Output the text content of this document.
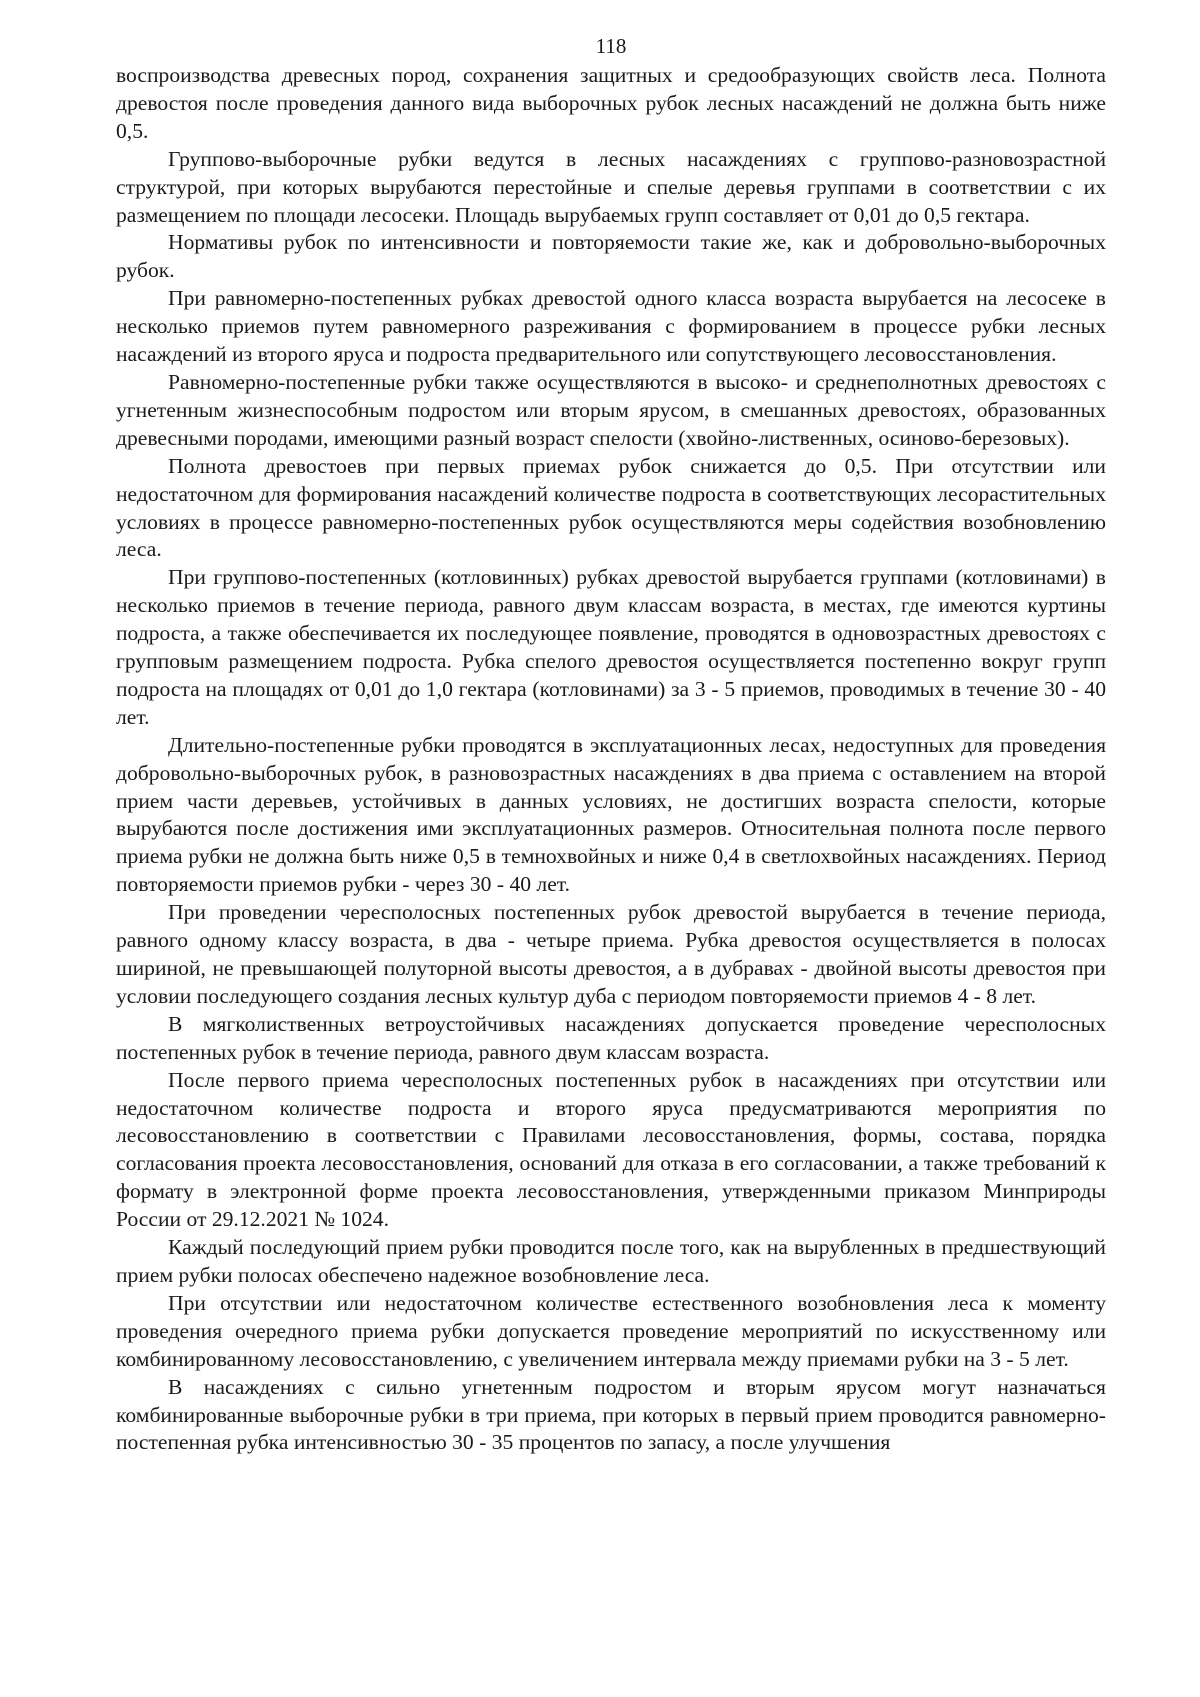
118

воспроизводства древесных пород, сохранения защитных и средообразующих свойств леса. Полнота древостоя после проведения данного вида выборочных рубок лесных насаждений не должна быть ниже 0,5.

Группово-выборочные рубки ведутся в лесных насаждениях с группово-разновозрастной структурой, при которых вырубаются перестойные и спелые деревья группами в соответствии с их размещением по площади лесосеки. Площадь вырубаемых групп составляет от 0,01 до 0,5 гектара.

Нормативы рубок по интенсивности и повторяемости такие же, как и добровольно-выборочных рубок.

При равномерно-постепенных рубках древостой одного класса возраста вырубается на лесосеке в несколько приемов путем равномерного разреживания с формированием в процессе рубки лесных насаждений из второго яруса и подроста предварительного или сопутствующего лесовосстановления.

Равномерно-постепенные рубки также осуществляются в высоко- и среднеполнотных древостоях с угнетенным жизнеспособным подростом или вторым ярусом, в смешанных древостоях, образованных древесными породами, имеющими разный возраст спелости (хвойно-лиственных, осиново-березовых).

Полнота древостоев при первых приемах рубок снижается до 0,5. При отсутствии или недостаточном для формирования насаждений количестве подроста в соответствующих лесорастительных условиях в процессе равномерно-постепенных рубок осуществляются меры содействия возобновлению леса.

При группово-постепенных (котловинных) рубках древостой вырубается группами (котловинами) в несколько приемов в течение периода, равного двум классам возраста, в местах, где имеются куртины подроста, а также обеспечивается их последующее появление, проводятся в одновозрастных древостоях с групповым размещением подроста. Рубка спелого древостоя осуществляется постепенно вокруг групп подроста на площадях от 0,01 до 1,0 гектара (котловинами) за 3 - 5 приемов, проводимых в течение 30 - 40 лет.

Длительно-постепенные рубки проводятся в эксплуатационных лесах, недоступных для проведения добровольно-выборочных рубок, в разновозрастных насаждениях в два приема с оставлением на второй прием части деревьев, устойчивых в данных условиях, не достигших возраста спелости, которые вырубаются после достижения ими эксплуатационных размеров. Относительная полнота после первого приема рубки не должна быть ниже 0,5 в темнохвойных и ниже 0,4 в светлохвойных насаждениях. Период повторяемости приемов рубки - через 30 - 40 лет.

При проведении чересполосных постепенных рубок древостой вырубается в течение периода, равного одному классу возраста, в два - четыре приема. Рубка древостоя осуществляется в полосах шириной, не превышающей полуторной высоты древостоя, а в дубравах - двойной высоты древостоя при условии последующего создания лесных культур дуба с периодом повторяемости приемов 4 - 8 лет.

В мягколиственных ветроустойчивых насаждениях допускается проведение чересполосных постепенных рубок в течение периода, равного двум классам возраста.

После первого приема чересполосных постепенных рубок в насаждениях при отсутствии или недостаточном количестве подроста и второго яруса предусматриваются мероприятия по лесовосстановлению в соответствии с Правилами лесовосстановления, формы, состава, порядка согласования проекта лесовосстановления, оснований для отказа в его согласовании, а также требований к формату в электронной форме проекта лесовосстановления, утвержденными приказом Минприроды России от 29.12.2021 № 1024.

Каждый последующий прием рубки проводится после того, как на вырубленных в предшествующий прием рубки полосах обеспечено надежное возобновление леса.

При отсутствии или недостаточном количестве естественного возобновления леса к моменту проведения очередного приема рубки допускается проведение мероприятий по искусственному или комбинированному лесовосстановлению, с увеличением интервала между приемами рубки на 3 - 5 лет.

В насаждениях с сильно угнетенным подростом и вторым ярусом могут назначаться комбинированные выборочные рубки в три приема, при которых в первый прием проводится равномерно-постепенная рубка интенсивностью 30 - 35 процентов по запасу, а после улучшения
